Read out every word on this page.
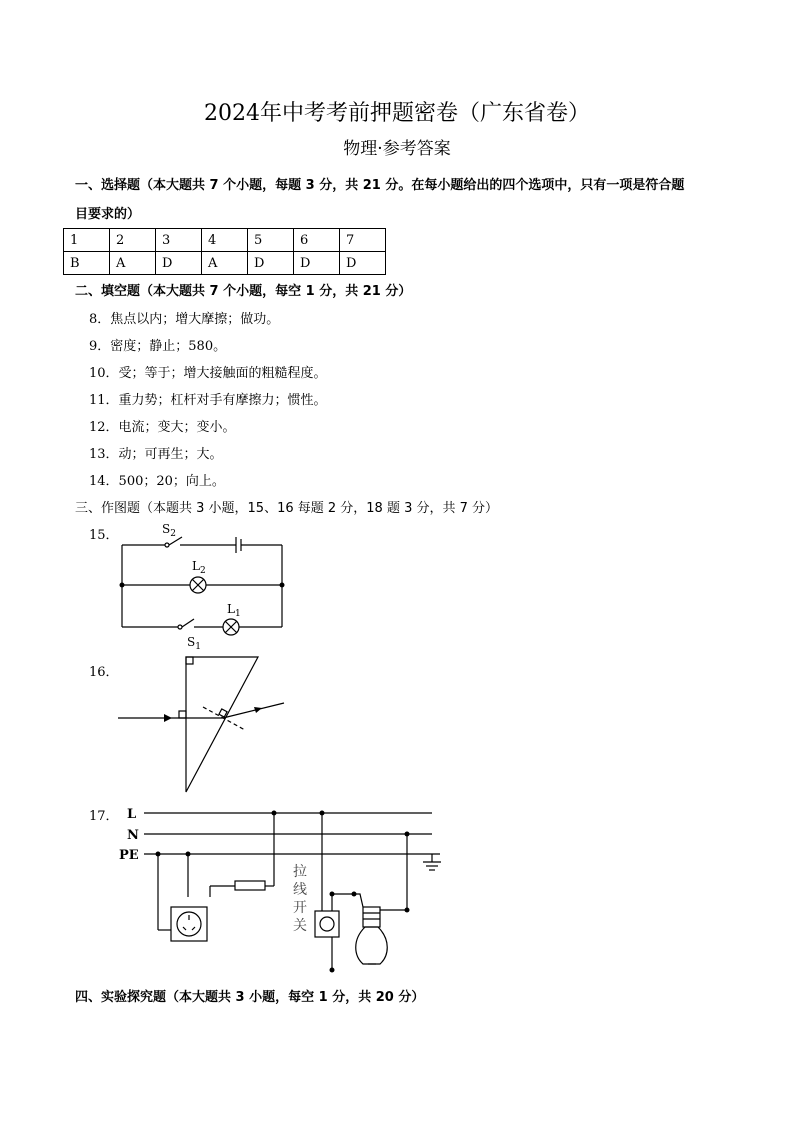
2024年中考考前押题密卷（广东省卷）
物理·参考答案
一、选择题（本大题共 7 个小题，每题 3 分，共 21 分。在每小题给出的四个选项中，只有一项是符合题
目要求的）
1	2	3	4	5	6	7
B	A	D	A	D	D	D
二、填空题（本大题共 7 个小题，每空 1 分，共 21 分）
8．焦点以内；增大摩擦；做功。
9．密度；静止；580。
10．受；等于；增大接触面的粗糙程度。
11．重力势；杠杆对手有摩擦力；惯性。
12．电流；变大；变小。
13．动；可再生；大。
14．500；20；向上。
三、作图题（本题共 3 小题，15、16 每题 2 分，18 题 3 分，共 7 分）
15．	$S_2$
$L_2$
$L_1$
$S_1$
16．
17． L
N
PE
拉
线
开
关
四、实验探究题（本大题共 3 小题，每空 1 分，共 20 分）
